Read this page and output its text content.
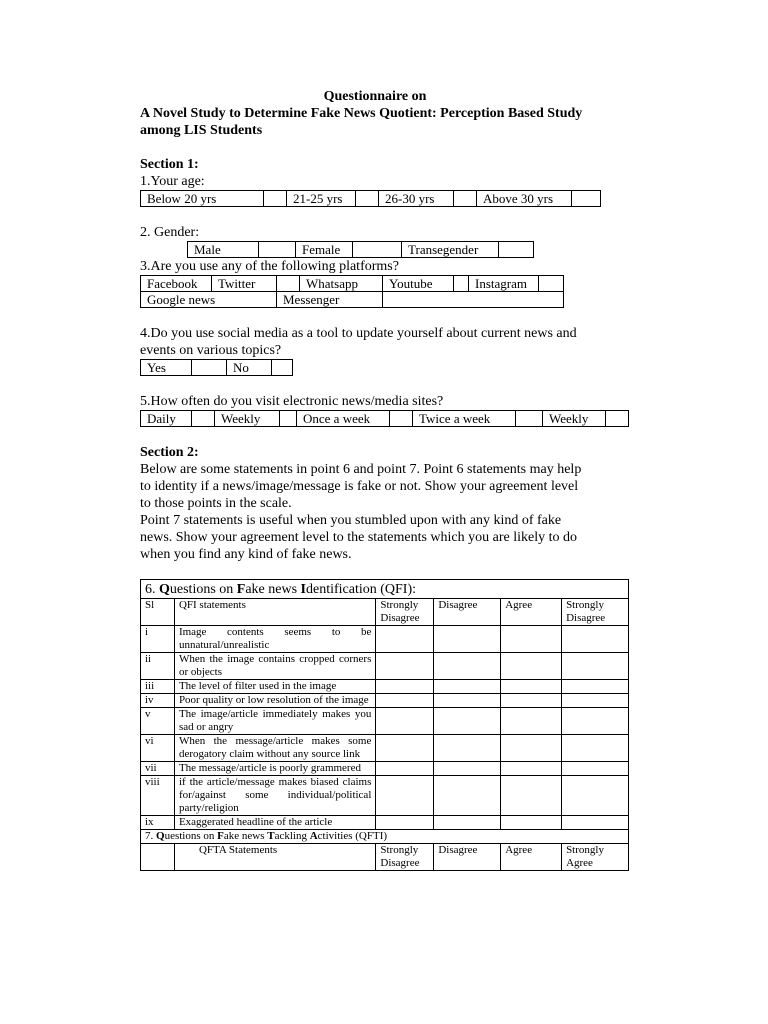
Questionnaire on
A Novel Study to Determine Fake News Quotient: Perception Based Study
among LIS Students
Section 1:
1.Your age:
Below 20 yrs		21-25 yrs		26-30 yrs		Above 30 yrs	
2. Gender:
Male		Female		Transegender	
3.Are you use any of the following platforms?
Facebook	Twitter		Whatsapp	Youtube		Instagram	
Google news		Messenger					
4.Do you use social media as a tool to update yourself about current news and
events on various topics?
Yes		No	
5.How often do you visit electronic news/media sites?
Daily		Weekly		Once a week		Twice a week		Weekly	
Section 2:
Below are some statements in point 6 and point 7. Point 6 statements may help
to identity if a news/image/message is fake or not. Show your agreement level
to those points in the scale.
Point 7 statements is useful when you stumbled upon with any kind of fake
news. Show your agreement level to the statements which you are likely to do
when you find any kind of fake news.
6. Questions on Fake news Identification (QFI):					
Sl	QFI statements	Strongly Disagree	Disagree	Agree	Strongly Disagree
i	Image contents seems to be unnatural/unrealistic				
ii	When the image contains cropped corners or objects				
iii	The level of filter used in the image				
iv	Poor quality or low resolution of the image				
v	The image/article immediately makes you sad or angry				
vi	When the message/article makes some derogatory claim without any source link				
vii	The message/article is poorly grammered				
viii	if the article/message makes biased claims for/against some individual/political party/religion				
ix	Exaggerated headline of the article				
7. Questions on Fake news Tackling Activities (QFTI)					
	QFTA Statements	Strongly Disagree	Disagree	Agree	Strongly Agree
